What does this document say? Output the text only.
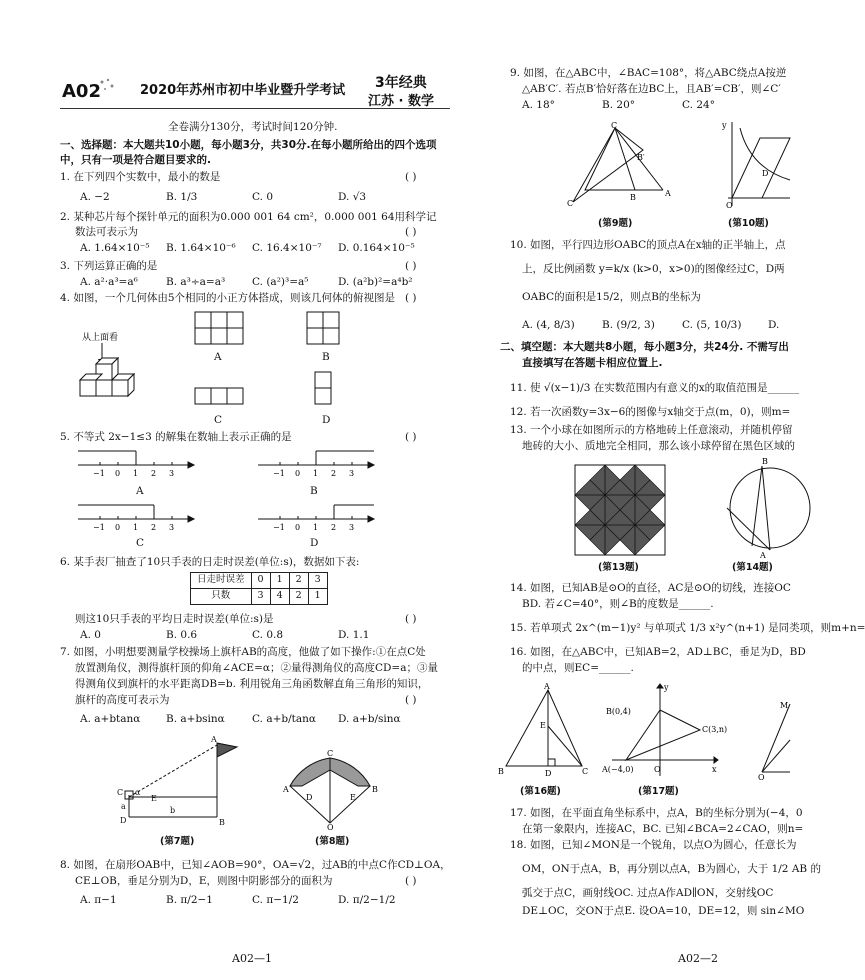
A02	2020年苏州市初中毕业暨升学考试 3年经典
江苏 · 数学
全卷满分130分，考试时间120分钟.
一、选择题：本大题共10小题，每小题3分，共30分.在每小题所给出的四个选项
中，只有一项是符合题目要求的.
1. 在下列四个实数中，最小的数是	( )
A. −2	B. 1/3	C. 0	D. √3
2. 某种芯片每个探针单元的面积为0.000 001 64 cm²，0.000 001 64用科学记
数法可表示为	( )
A. 1.64×10⁻⁵ B. 1.64×10⁻⁶ C. 16.4×10⁻⁷ D. 0.164×10⁻⁵
3. 下列运算正确的是	( )
A. a²·a³=a⁶	B. a³÷a=a³	C. (a²)³=a⁵	D. (a²b)²=a⁴b²
4. 如图，一个几何体由5个相同的小正方体搭成，则该几何体的俯视图是 ( )
从上面看
A	B
C	D
5. 不等式 2x−1≤3 的解集在数轴上表示正确的是	( )
−1 0 1 2 3	−1 0 1 2 3
−1 0 1 2 3	−1 0 1 2 3
A	B
C	D
6. 某手表厂抽查了10只手表的日走时误差(单位:s)，数据如下表:
日走时误差	0	1	2	3
只数	3	4	2	1
则这10只手表的平均日走时误差(单位:s)是	( )
A. 0	B. 0.6	C. 0.8	D. 1.1
7. 如图，小明想要测量学校操场上旗杆AB的高度，他做了如下操作:①在点C处
放置测角仪，测得旗杆顶的仰角∠ACE=α；②量得测角仪的高度CD=a；③量
得测角仪到旗杆的水平距离DB=b. 利用锐角三角函数解直角三角形的知识，
旗杆的高度可表示为	( )
A. a+btanα B. a+bsinα	C. a+b/tanα D. a+b/sinα
A
B
C
D
E
α
a	b
(第7题)
A
C
B
O
D	E
(第8题)
8. 如图，在扇形OAB中，已知∠AOB=90°，OA=√2，过AB的中点C作CD⊥OA，
CE⊥OB，垂足分别为D，E，则图中阴影部分的面积为	( )
A. π−1	B. π/2−1	C. π−1/2	D. π/2−1/2
A02—1
9. 如图，在△ABC中，∠BAC=108°，将△ABC绕点A按逆
△AB′C′. 若点B′恰好落在边BC上，且AB′=CB′，则∠C′
A. 18°	B. 20°	C. 24°
C
B′
C′
B	A
(第9题)
O
y
D
(第10题)
10. 如图，平行四边形OABC的顶点A在x轴的正半轴上，点
上，反比例函数 y=k/x (k>0，x>0)的图像经过C，D两
OABC的面积是15/2，则点B的坐标为
A. (4, 8/3)	B. (9/2, 3)	C. (5, 10/3)	D.
二、填空题：本大题共8小题，每小题3分，共24分. 不需写出
直接填写在答题卡相应位置上.
11. 使 √(x−1)/3 在实数范围内有意义的x的取值范围是______
12. 若一次函数y=3x−6的图像与x轴交于点(m，0)，则m=
13. 一个小球在如图所示的方格地砖上任意滚动，并随机停留
地砖的大小、质地完全相同，那么该小球停留在黑色区域的
(第13题)
B
A
(第14题)
14. 如图，已知AB是⊙O的直径，AC是⊙O的切线，连接OC
BD. 若∠C=40°，则∠B的度数是______.
15. 若单项式 2x^(m−1)y² 与单项式 1/3 x²y^(n+1) 是同类项，则m+n=
16. 如图，在△ABC中，已知AB=2，AD⊥BC，垂足为D，BD
的中点，则EC=______.
A
B	C
D
E
(第16题)
B(0,4)
C(3,n)
A(−4,0)	O
y
x
(第17题)
M
O
17. 如图，在平面直角坐标系中，点A，B的坐标分别为(−4，0
在第一象限内，连接AC，BC. 已知∠BCA=2∠CAO，则n=
18. 如图，已知∠MON是一个锐角，以点O为圆心，任意长为
OM，ON于点A，B，再分别以点A，B为圆心，大于 1/2 AB 的
弧交于点C，画射线OC. 过点A作AD∥ON，交射线OC
DE⊥OC，交ON于点E. 设OA=10，DE=12，则 sin∠MO
A02—2
